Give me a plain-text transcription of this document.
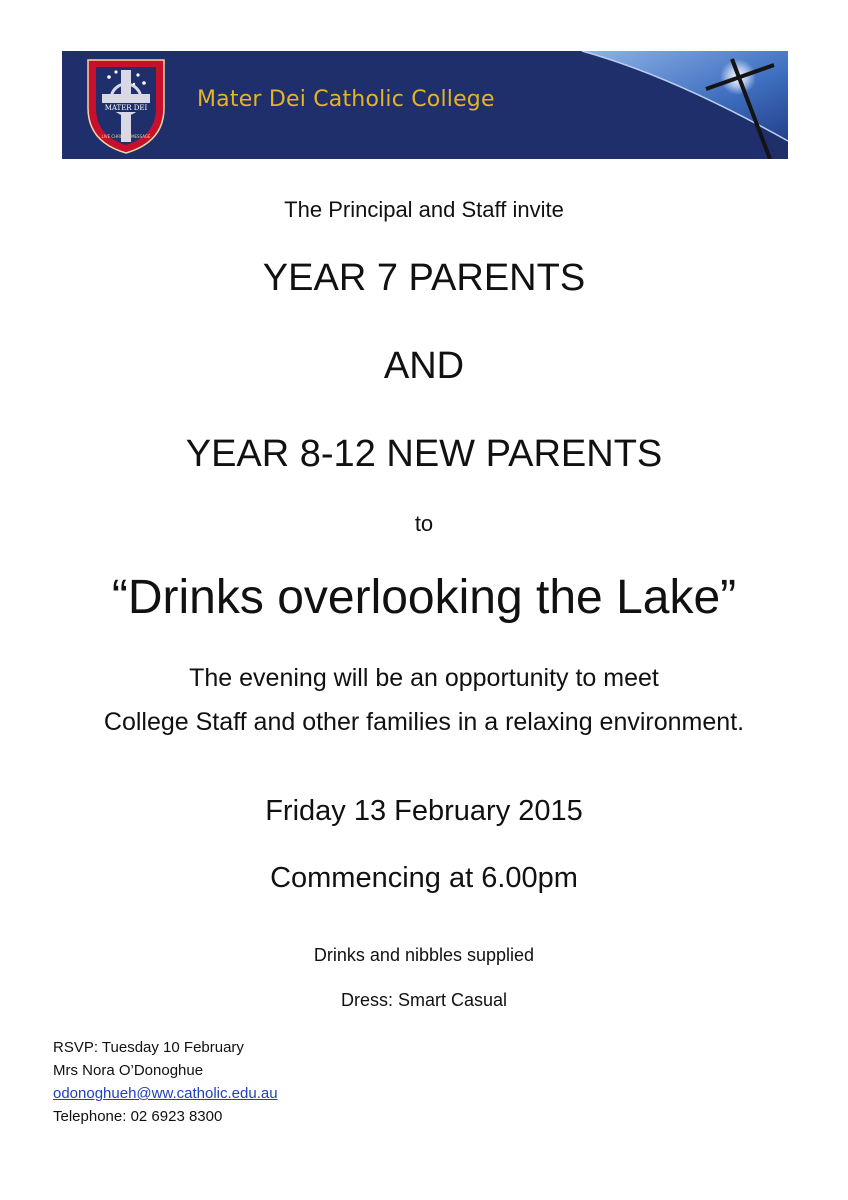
MATER DEI
LIVE CHRIST'S MESSAGE
Mater Dei Catholic College
The Principal and Staff invite
YEAR 7 PARENTS
AND
YEAR 8-12 NEW PARENTS
to
“Drinks overlooking the Lake”
The evening will be an opportunity to meet
College Staff and other families in a relaxing environment.
Friday 13 February 2015
Commencing at 6.00pm
Drinks and nibbles supplied
Dress: Smart Casual
RSVP: Tuesday 10 February
Mrs Nora O’Donoghue
odonoghueh@ww.catholic.edu.au
Telephone: 02 6923 8300
